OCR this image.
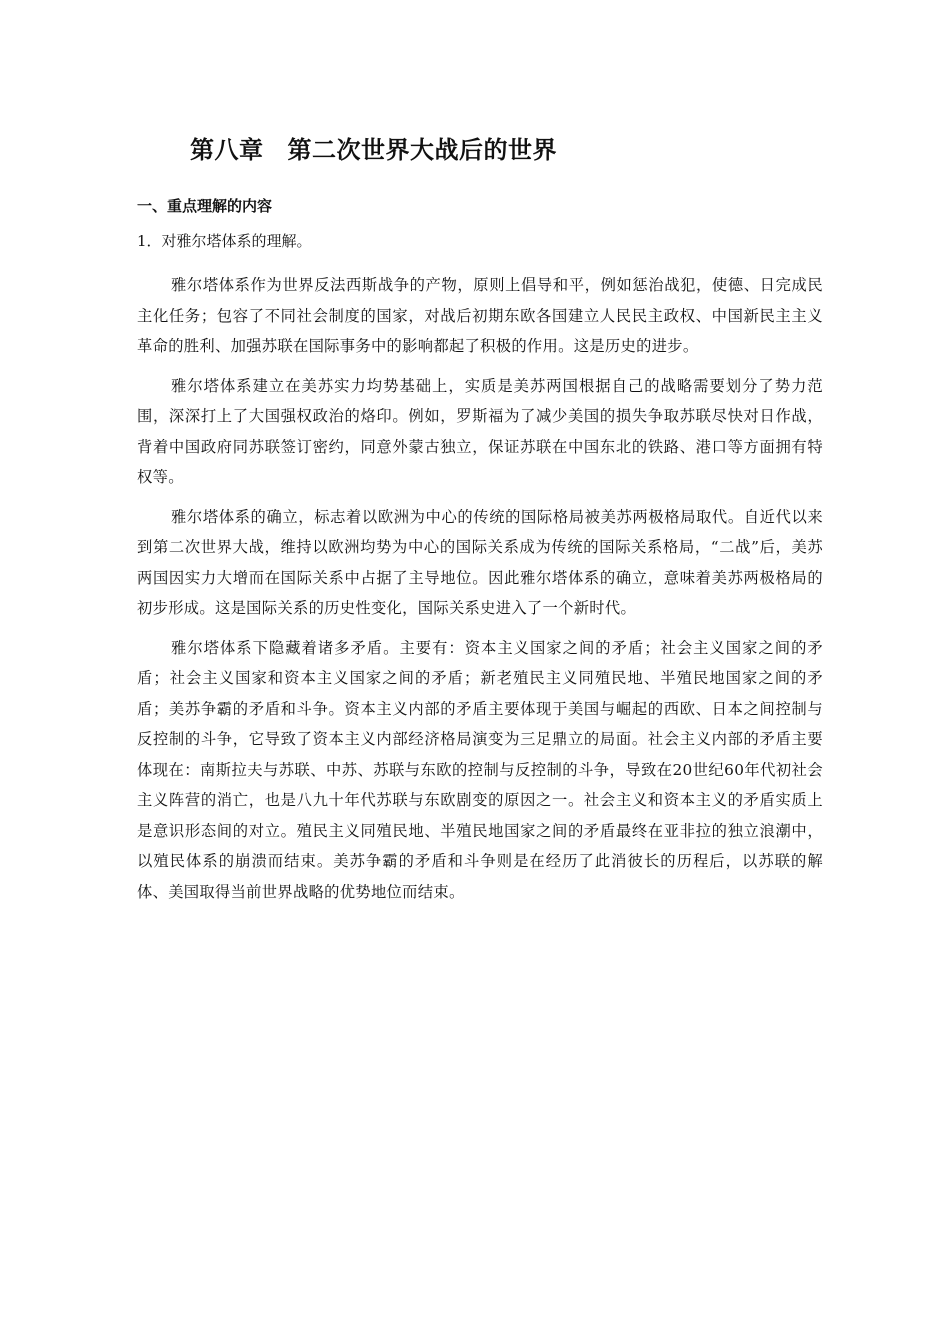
第八章 第二次世界大战后的世界
一、重点理解的内容
1．对雅尔塔体系的理解。

雅尔塔体系作为世界反法西斯战争的产物，原则上倡导和平，例如惩治战犯，使德、日完成民主化任务；包容了不同社会制度的国家，对战后初期东欧各国建立人民民主政权、中国新民主主义革命的胜利、加强苏联在国际事务中的影响都起了积极的作用。这是历史的进步。

雅尔塔体系建立在美苏实力均势基础上，实质是美苏两国根据自己的战略需要划分了势力范围，深深打上了大国强权政治的烙印。例如，罗斯福为了减少美国的损失争取苏联尽快对日作战，背着中国政府同苏联签订密约，同意外蒙古独立，保证苏联在中国东北的铁路、港口等方面拥有特权等。

雅尔塔体系的确立，标志着以欧洲为中心的传统的国际格局被美苏两极格局取代。自近代以来到第二次世界大战，维持以欧洲均势为中心的国际关系成为传统的国际关系格局，“二战”后，美苏两国因实力大增而在国际关系中占据了主导地位。因此雅尔塔体系的确立，意味着美苏两极格局的初步形成。这是国际关系的历史性变化，国际关系史进入了一个新时代。

雅尔塔体系下隐藏着诸多矛盾。主要有：资本主义国家之间的矛盾；社会主义国家之间的矛盾；社会主义国家和资本主义国家之间的矛盾；新老殖民主义同殖民地、半殖民地国家之间的矛盾；美苏争霸的矛盾和斗争。资本主义内部的矛盾主要体现于美国与崛起的西欧、日本之间控制与反控制的斗争，它导致了资本主义内部经济格局演变为三足鼎立的局面。社会主义内部的矛盾主要体现在：南斯拉夫与苏联、中苏、苏联与东欧的控制与反控制的斗争，导致在20世纪60年代初社会主义阵营的消亡，也是八九十年代苏联与东欧剧变的原因之一。社会主义和资本主义的矛盾实质上是意识形态间的对立。殖民主义同殖民地、半殖民地国家之间的矛盾最终在亚非拉的独立浪潮中，以殖民体系的崩溃而结束。美苏争霸的矛盾和斗争则是在经历了此消彼长的历程后，以苏联的解体、美国取得当前世界战略的优势地位而结束。
